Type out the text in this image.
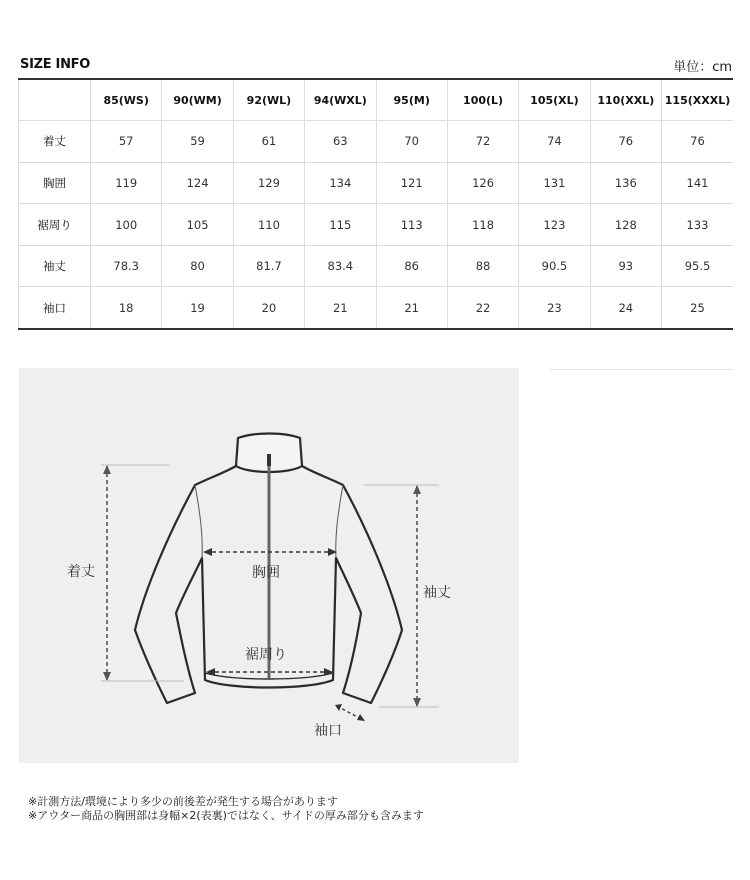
SIZE INFO	単位：cm
	85(WS)	90(WM)	92(WL)	94(WXL)	95(M)	100(L)	105(XL)	110(XXL)	115(XXXL)
着丈	57	59	61	63	70	72	74	76	76
胸囲	119	124	129	134	121	126	131	136	141
裾周り	100	105	110	115	113	118	123	128	133
袖丈	78.3	80	81.7	83.4	86	88	90.5	93	95.5
袖口	18	19	20	21	21	22	23	24	25
着丈	胸囲
裾周り
袖丈
袖口
※計測方法/環境により多少の前後差が発生する場合があります
※アウター商品の胸囲部は身幅×2(表裏)ではなく、サイドの厚み部分も含みます
